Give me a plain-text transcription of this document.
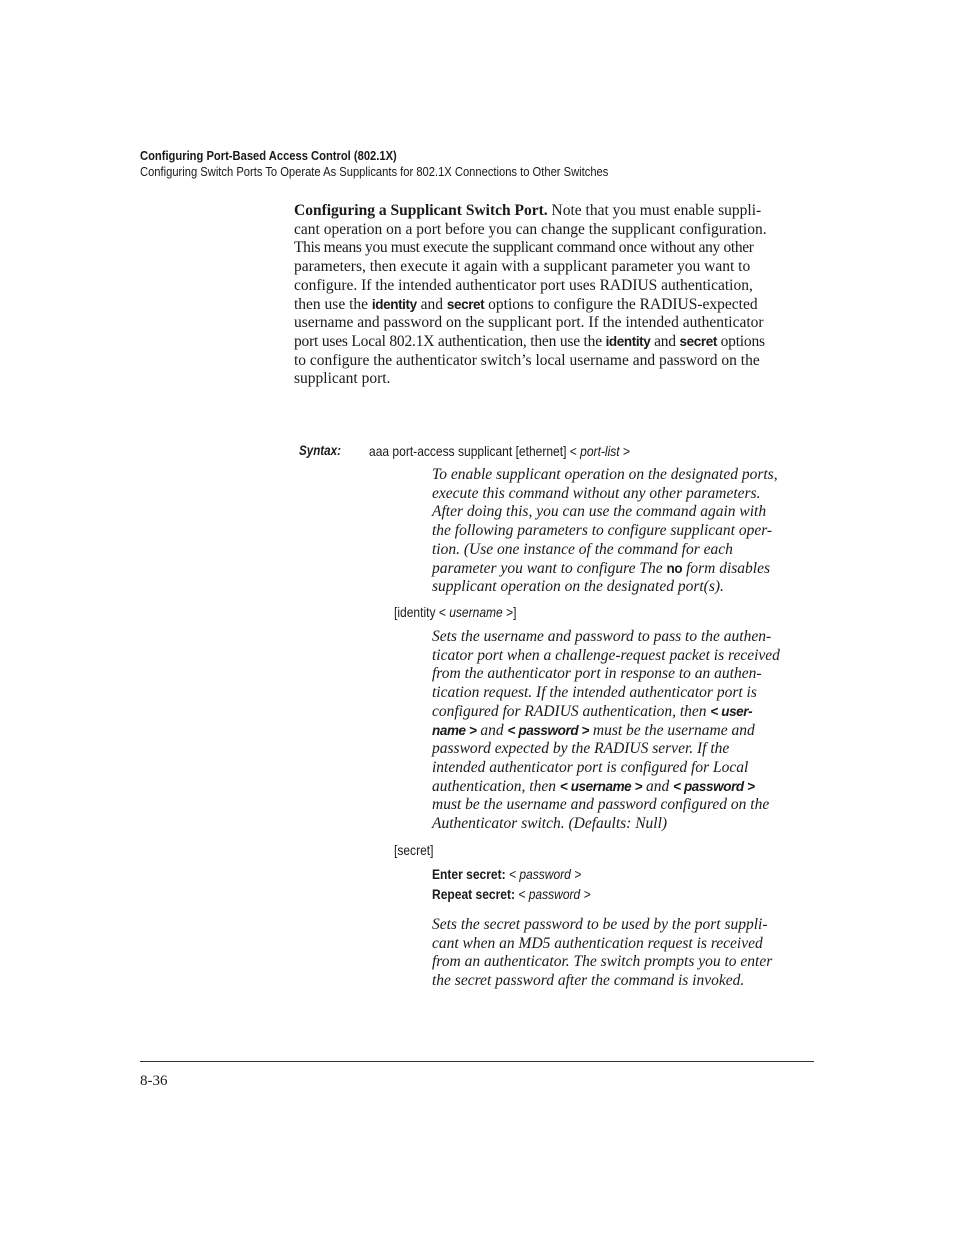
Configuring Port-Based Access Control (802.1X)
Configuring Switch Ports To Operate As Supplicants for 802.1X Connections to Other Switches
Configuring a Supplicant Switch Port. Note that you must enable suppli-
cant operation on a port before you can change the supplicant configuration.
This means you must execute the supplicant command once without any other
parameters, then execute it again with a supplicant parameter you want to
configure. If the intended authenticator port uses RADIUS authentication,
then use the identity and secret options to configure the RADIUS-expected
username and password on the supplicant port. If the intended authenticator
port uses Local 802.1X authentication, then use the identity and secret options
to configure the authenticator switch’s local username and password on the
supplicant port.
Syntax:	aaa port-access supplicant [ethernet] < port-list >
To enable supplicant operation on the designated ports,
execute this command without any other parameters.
After doing this, you can use the command again with
the following parameters to configure supplicant oper-
tion. (Use one instance of the command for each
parameter you want to configure The no form disables
supplicant operation on the designated port(s).
[identity < username >]
Sets the username and password to pass to the authen-
ticator port when a challenge-request packet is received
from the authenticator port in response to an authen-
tication request. If the intended authenticator port is
configured for RADIUS authentication, then < user-
name > and < password > must be the username and
password expected by the RADIUS server. If the
intended authenticator port is configured for Local
authentication, then < username > and < password >
must be the username and password configured on the
Authenticator switch. (Defaults: Null)
[secret]
Enter secret: < password >
Repeat secret: < password >
Sets the secret password to be used by the port suppli-
cant when an MD5 authentication request is received
from an authenticator. The switch prompts you to enter
the secret password after the command is invoked.
8-36
